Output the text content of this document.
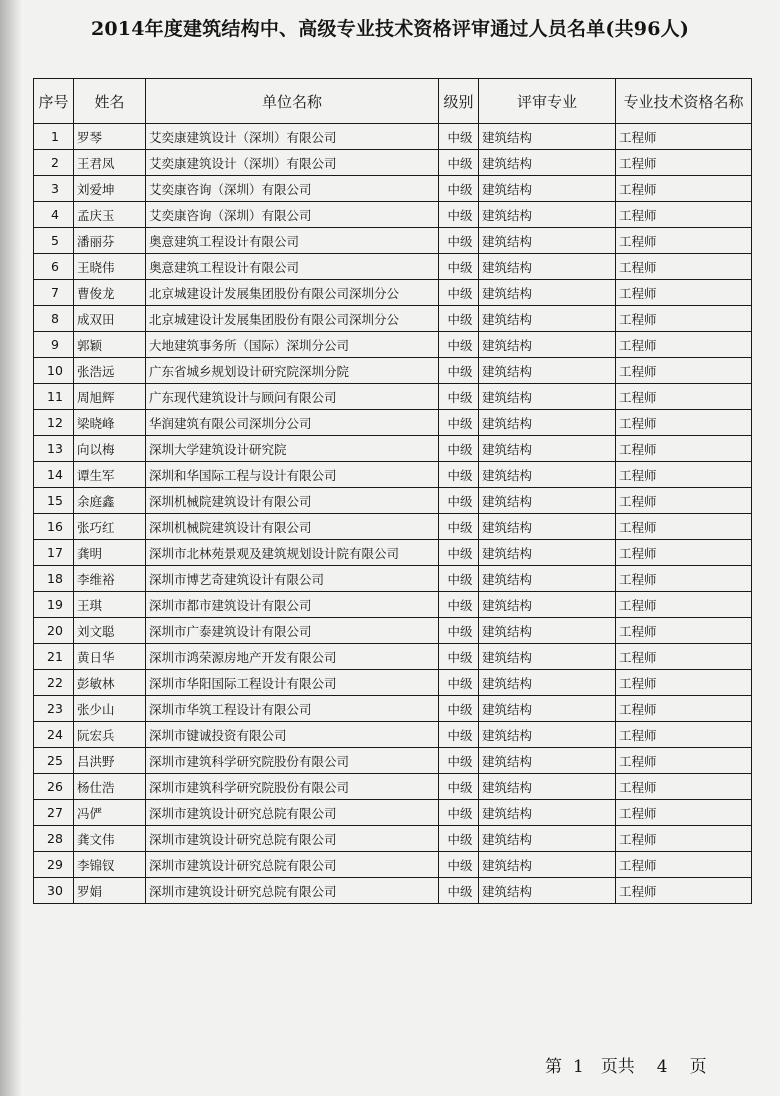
2014年度建筑结构中、高级专业技术资格评审通过人员名单(共96人)
序号	姓名	单位名称	级别	评审专业	专业技术资格名称
1	罗琴	艾奕康建筑设计（深圳）有限公司	中级	建筑结构	工程师
2	王君凤	艾奕康建筑设计（深圳）有限公司	中级	建筑结构	工程师
3	刘爱坤	艾奕康咨询（深圳）有限公司	中级	建筑结构	工程师
4	孟庆玉	艾奕康咨询（深圳）有限公司	中级	建筑结构	工程师
5	潘丽芬	奥意建筑工程设计有限公司	中级	建筑结构	工程师
6	王晓伟	奥意建筑工程设计有限公司	中级	建筑结构	工程师
7	曹俊龙	北京城建设计发展集团股份有限公司深圳分公	中级	建筑结构	工程师
8	成双田	北京城建设计发展集团股份有限公司深圳分公	中级	建筑结构	工程师
9	郭颖	大地建筑事务所（国际）深圳分公司	中级	建筑结构	工程师
10	张浩远	广东省城乡规划设计研究院深圳分院	中级	建筑结构	工程师
11	周旭辉	广东现代建筑设计与顾问有限公司	中级	建筑结构	工程师
12	梁晓峰	华润建筑有限公司深圳分公司	中级	建筑结构	工程师
13	向以梅	深圳大学建筑设计研究院	中级	建筑结构	工程师
14	谭生军	深圳和华国际工程与设计有限公司	中级	建筑结构	工程师
15	余庭鑫	深圳机械院建筑设计有限公司	中级	建筑结构	工程师
16	张巧红	深圳机械院建筑设计有限公司	中级	建筑结构	工程师
17	龚明	深圳市北林苑景观及建筑规划设计院有限公司	中级	建筑结构	工程师
18	李维裕	深圳市博艺奇建筑设计有限公司	中级	建筑结构	工程师
19	王琪	深圳市都市建筑设计有限公司	中级	建筑结构	工程师
20	刘文聪	深圳市广泰建筑设计有限公司	中级	建筑结构	工程师
21	黄日华	深圳市鸿荣源房地产开发有限公司	中级	建筑结构	工程师
22	彭敏林	深圳市华阳国际工程设计有限公司	中级	建筑结构	工程师
23	张少山	深圳市华筑工程设计有限公司	中级	建筑结构	工程师
24	阮宏兵	深圳市键诚投资有限公司	中级	建筑结构	工程师
25	吕洪野	深圳市建筑科学研究院股份有限公司	中级	建筑结构	工程师
26	杨仕浩	深圳市建筑科学研究院股份有限公司	中级	建筑结构	工程师
27	冯俨	深圳市建筑设计研究总院有限公司	中级	建筑结构	工程师
28	龚文伟	深圳市建筑设计研究总院有限公司	中级	建筑结构	工程师
29	李锦钗	深圳市建筑设计研究总院有限公司	中级	建筑结构	工程师
30	罗娟	深圳市建筑设计研究总院有限公司	中级	建筑结构	工程师
第 1 页共 4 页
